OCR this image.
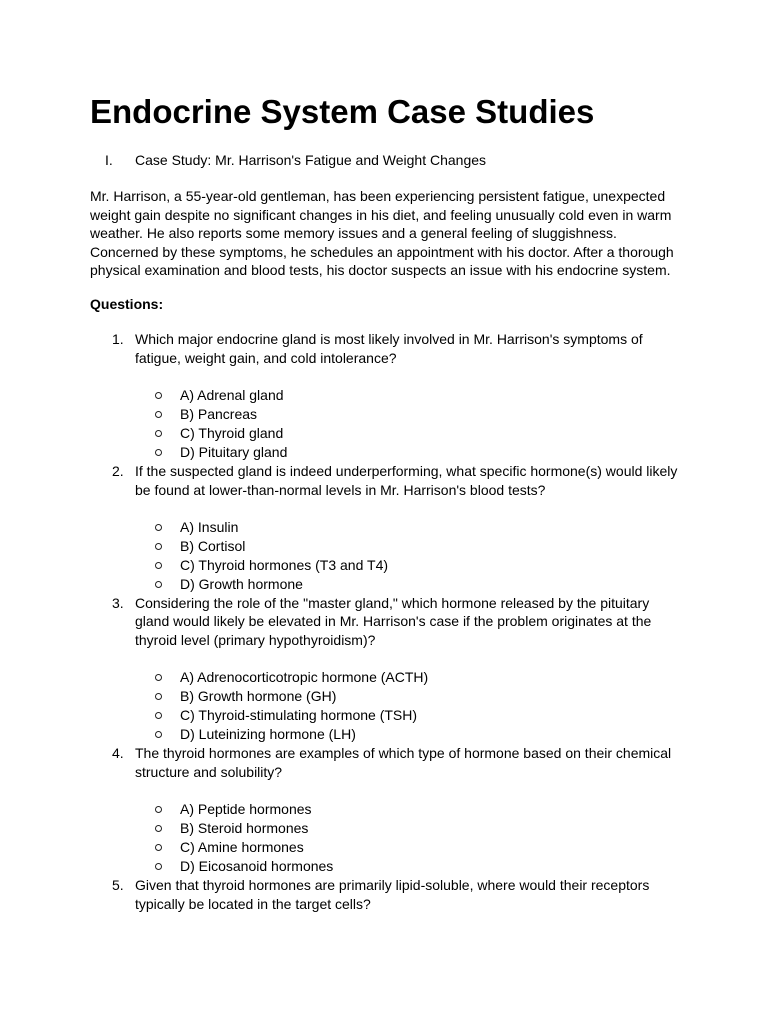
Endocrine System Case Studies
I. Case Study: Mr. Harrison's Fatigue and Weight Changes

Mr. Harrison, a 55-year-old gentleman, has been experiencing persistent fatigue, unexpected weight gain despite no significant changes in his diet, and feeling unusually cold even in warm weather. He also reports some memory issues and a general feeling of sluggishness. Concerned by these symptoms, he schedules an appointment with his doctor. After a thorough physical examination and blood tests, his doctor suspects an issue with his endocrine system.

Questions:
1. Which major endocrine gland is most likely involved in Mr. Harrison's symptoms of fatigue, weight gain, and cold intolerance?
A) Adrenal gland
B) Pancreas
C) Thyroid gland
D) Pituitary gland
2. If the suspected gland is indeed underperforming, what specific hormone(s) would likely be found at lower-than-normal levels in Mr. Harrison's blood tests?
A) Insulin
B) Cortisol
C) Thyroid hormones (T3 and T4)
D) Growth hormone
3. Considering the role of the "master gland," which hormone released by the pituitary gland would likely be elevated in Mr. Harrison's case if the problem originates at the thyroid level (primary hypothyroidism)?
A) Adrenocorticotropic hormone (ACTH)
B) Growth hormone (GH)
C) Thyroid-stimulating hormone (TSH)
D) Luteinizing hormone (LH)
4. The thyroid hormones are examples of which type of hormone based on their chemical structure and solubility?
A) Peptide hormones
B) Steroid hormones
C) Amine hormones
D) Eicosanoid hormones
5. Given that thyroid hormones are primarily lipid-soluble, where would their receptors typically be located in the target cells?
